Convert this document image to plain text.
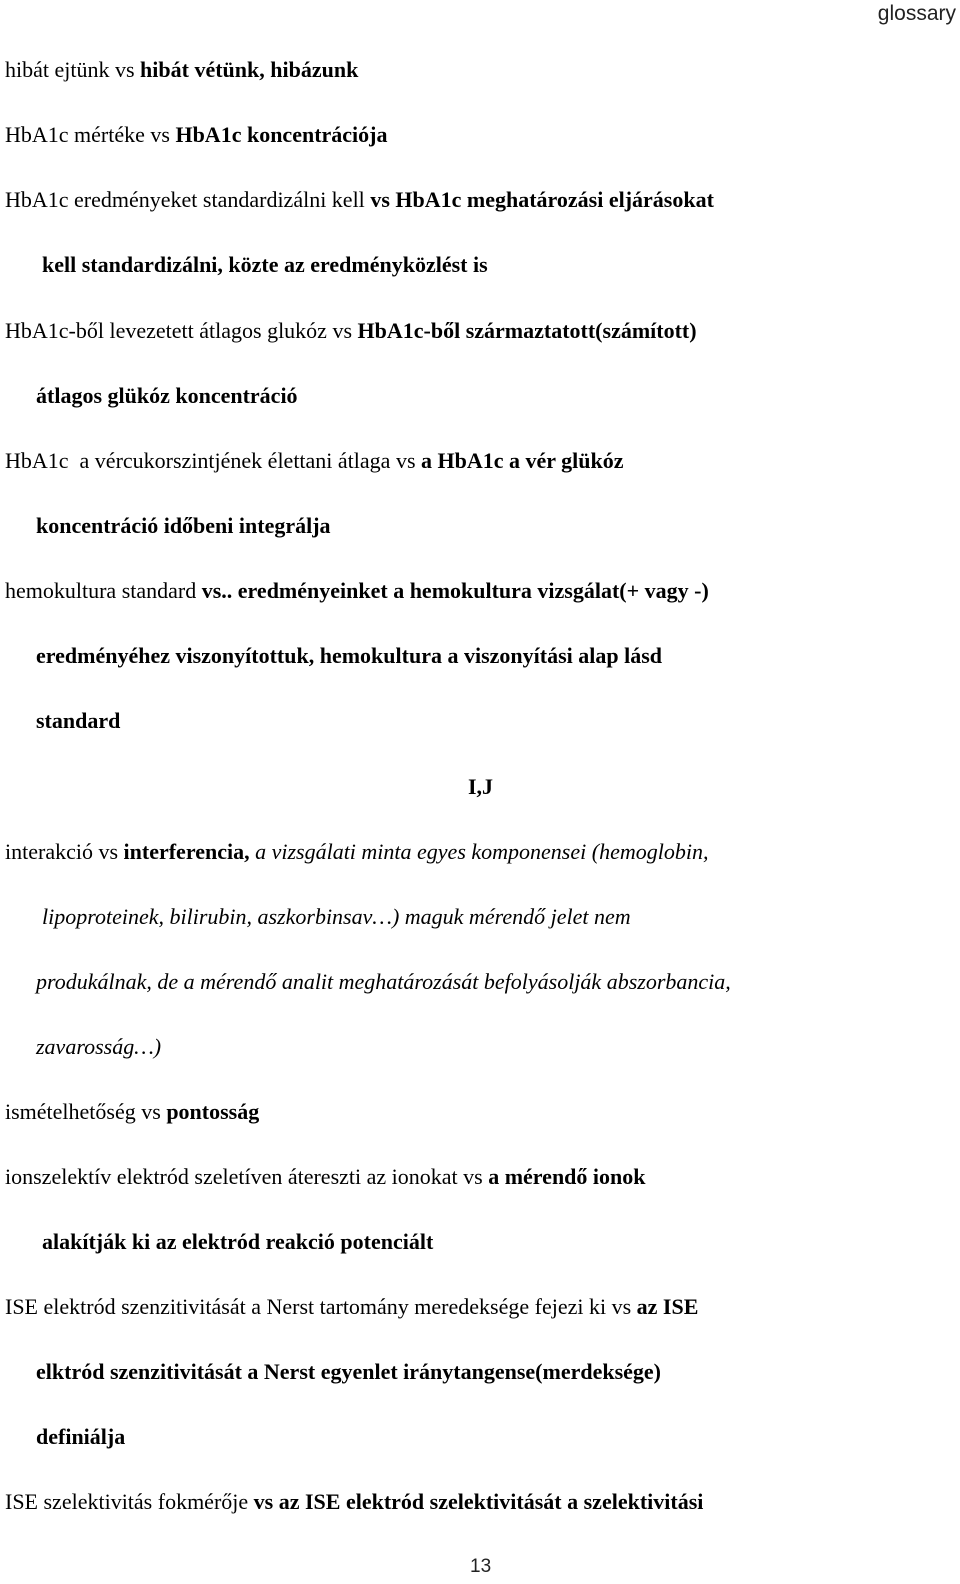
glossary
hibát ejtünk vs hibát vétünk, hibázunk
HbA1c mértéke vs HbA1c koncentrációja
HbA1c eredményeket standardizálni kell vs HbA1c meghatározási eljárásokat
kell standardizálni, közte az eredményközlést is
HbA1c-ből levezetett átlagos glukóz vs HbA1c-ből származtatott(számított)
átlagos glükóz koncentráció
HbA1c  a vércukorszintjének élettani átlaga vs a HbA1c a vér glükóz
koncentráció időbeni integrálja
hemokultura standard vs.. eredményeinket a hemokultura vizsgálat(+ vagy -)
eredményéhez viszonyítottuk, hemokultura a viszonyítási alap lásd
standard
I,J
interakció vs interferencia, a vizsgálati minta egyes komponensei (hemoglobin,
lipoproteinek, bilirubin, aszkorbinsav…) maguk mérendő jelet nem
produkálnak, de a mérendő analit meghatározását befolyásolják abszorbancia,
zavarosság…)
ismételhetőség vs pontosság
ionszelektív elektród szeletíven átereszti az ionokat vs a mérendő ionok
alakítják ki az elektród reakció potenciált
ISE elektród szenzitivitását a Nerst tartomány meredeksége fejezi ki vs az ISE
elktród szenzitivitását a Nerst egyenlet iránytangense(merdeksége)
definiálja
ISE szelektivitás fokmérője vs az ISE elektród szelektivitását a szelektivitási
13
